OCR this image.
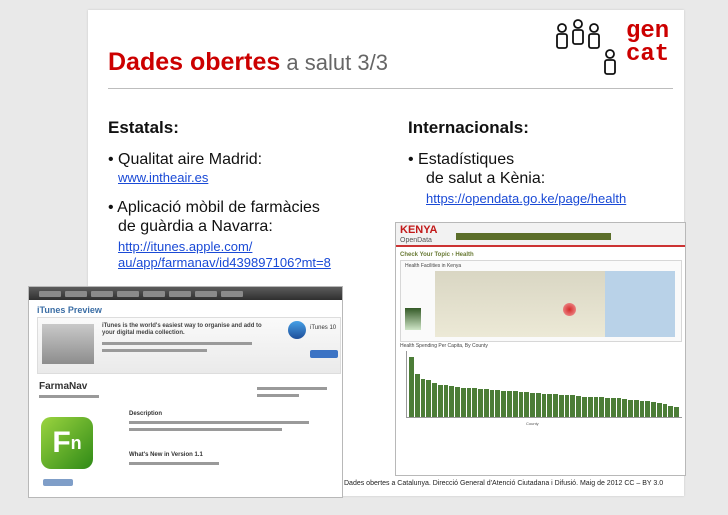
Dades obertes a salut 3/3
gen
cat
Estatals:
• Qualitat aire Madrid:
www.intheair.es
• Aplicació mòbil de farmàcies
de guàrdia a Navarra:
http://itunes.apple.com/
au/app/farmanav/id439897106?mt=8
Internacionals:
• Estadístiques
de salut a Kènia:
https://opendata.go.ke/page/health
iTunes Preview
iTunes is the world's easiest way to organise and add to your digital media collection.
iTunes 10
FarmaNav
F n
Description
What's New in Version 1.1
KENYA
OpenData
Check Your Topic › Health
Health Facilities in Kenya
Health Spending Per Capita, By County
County
Dades obertes a Catalunya. Direcció General d'Atenció Ciutadana i Difusió. Maig de 2012 CC – BY 3.0
